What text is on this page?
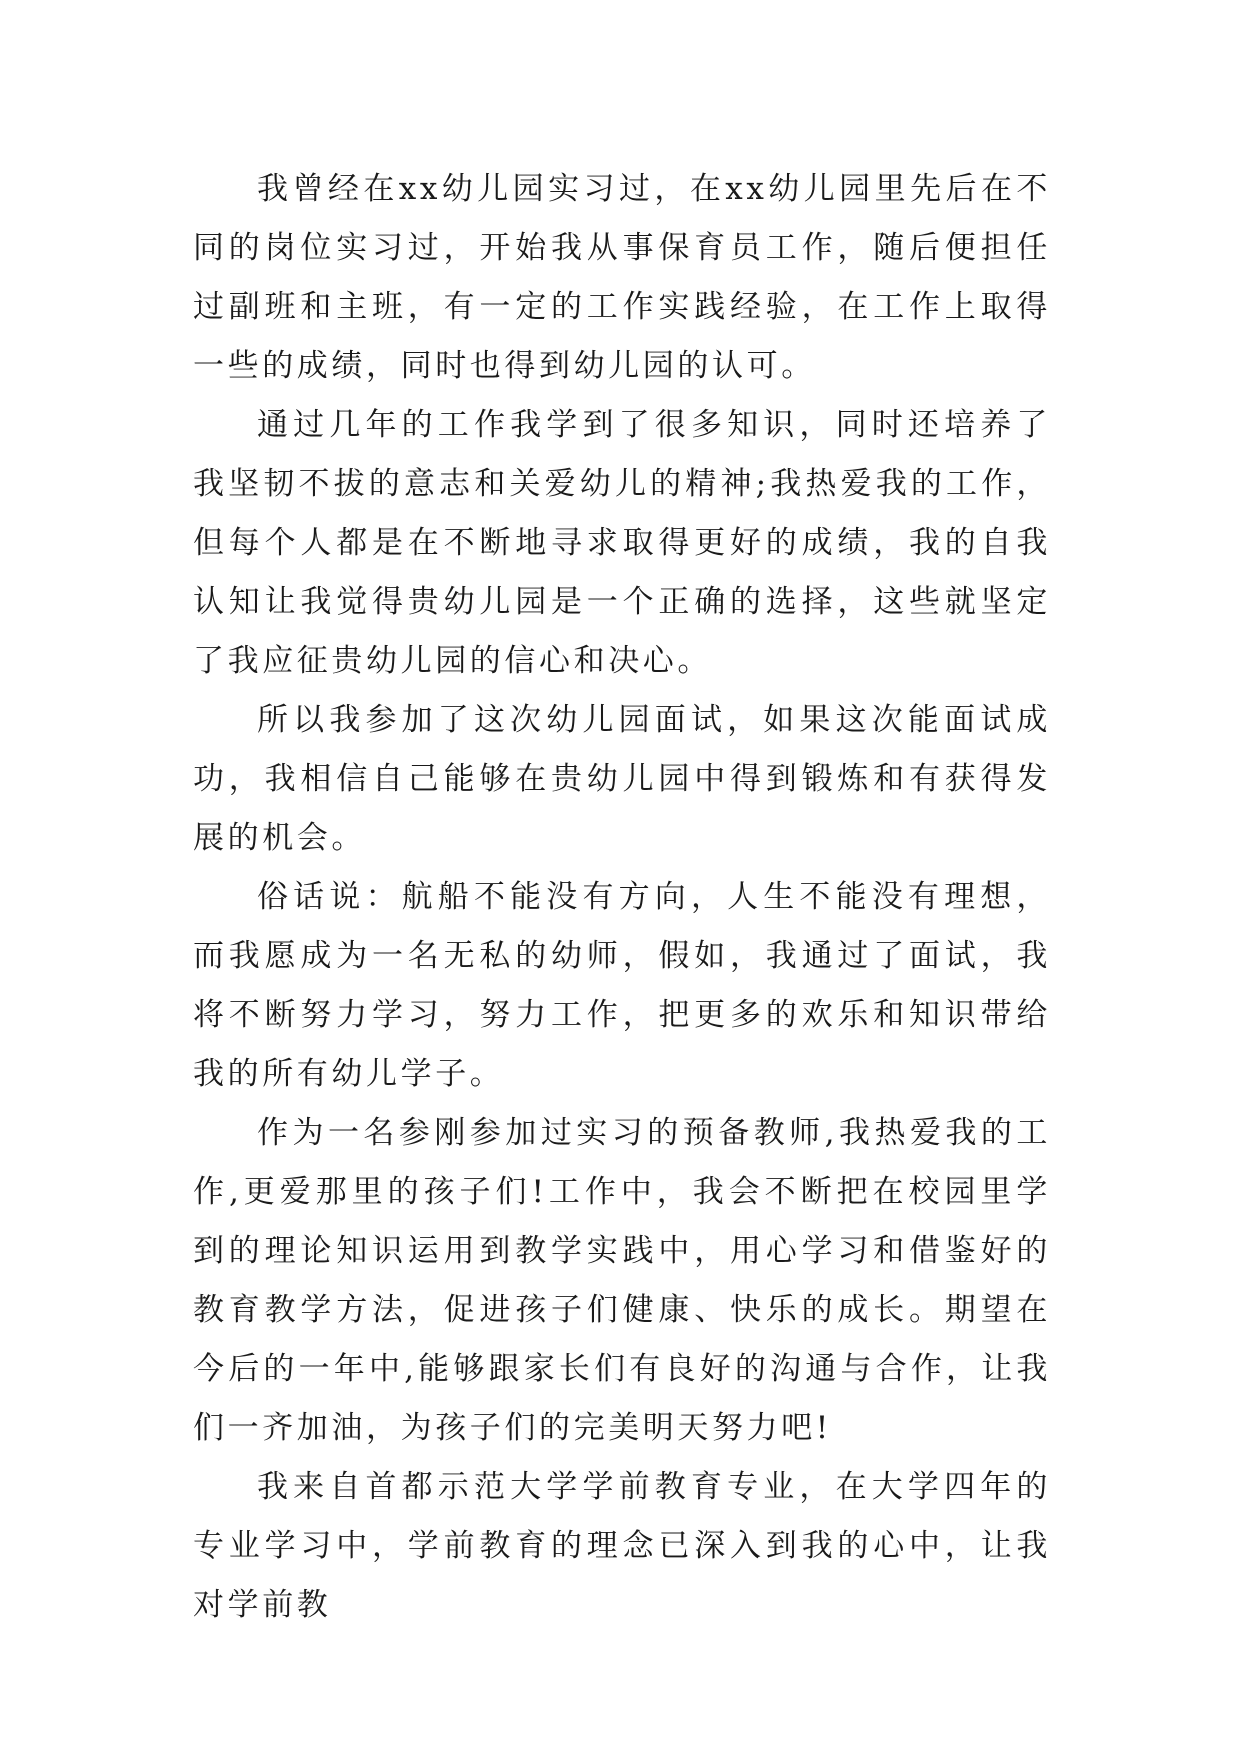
我曾经在xx幼儿园实习过，在xx幼儿园里先后在不同的岗位实习过，开始我从事保育员工作，随后便担任过副班和主班，有一定的工作实践经验，在工作上取得一些的成绩，同时也得到幼儿园的认可。

通过几年的工作我学到了很多知识，同时还培养了我坚韧不拔的意志和关爱幼儿的精神;我热爱我的工作，但每个人都是在不断地寻求取得更好的成绩，我的自我认知让我觉得贵幼儿园是一个正确的选择，这些就坚定了我应征贵幼儿园的信心和决心。

所以我参加了这次幼儿园面试，如果这次能面试成功，我相信自己能够在贵幼儿园中得到锻炼和有获得发展的机会。

俗话说：航船不能没有方向，人生不能没有理想，而我愿成为一名无私的幼师，假如，我通过了面试，我将不断努力学习，努力工作，把更多的欢乐和知识带给我的所有幼儿学子。

作为一名参刚参加过实习的预备教师,我热爱我的工作,更爱那里的孩子们!工作中，我会不断把在校园里学到的理论知识运用到教学实践中，用心学习和借鉴好的教育教学方法，促进孩子们健康、快乐的成长。期望在今后的一年中,能够跟家长们有良好的沟通与合作，让我们一齐加油，为孩子们的完美明天努力吧!

我来自首都示范大学学前教育专业，在大学四年的专业学习中，学前教育的理念已深入到我的心中，让我对学前教
